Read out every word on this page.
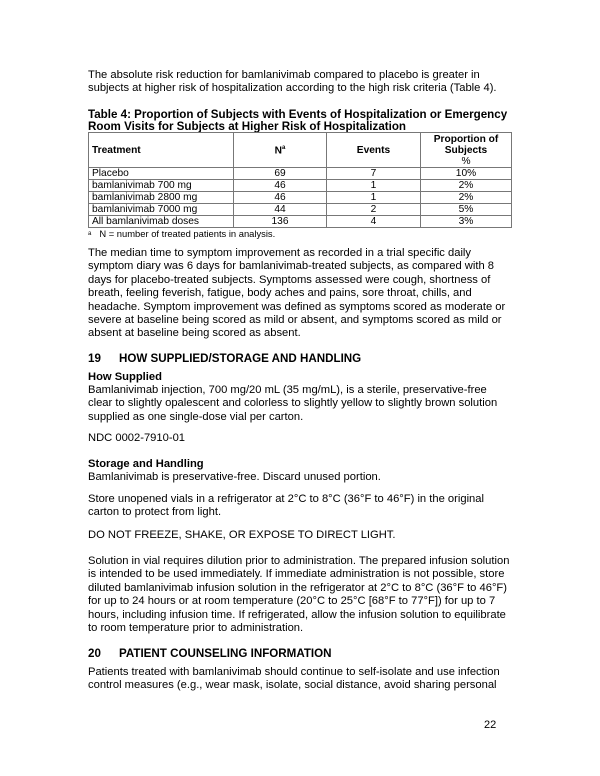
The absolute risk reduction for bamlanivimab compared to placebo is greater in subjects at higher risk of hospitalization according to the high risk criteria (Table 4).

Table 4: Proportion of Subjects with Events of Hospitalization or Emergency
Room Visits for Subjects at Higher Risk of Hospitalization
Treatment	$N^a$	Events	Proportion of
Subjects
%

Placebo	69	7	10%
bamlanivimab 700 mg	46	1	2%
bamlanivimab 2800 mg	46	1	2%
bamlanivimab 7000 mg	44	2	5%
All bamlanivimab doses	136	4	3%
$^a$ N = number of treated patients in analysis.

The median time to symptom improvement as recorded in a trial specific daily symptom diary was 6 days for bamlanivimab-treated subjects, as compared with 8 days for placebo-treated subjects. Symptoms assessed were cough, shortness of breath, feeling feverish, fatigue, body aches and pains, sore throat, chills, and headache. Symptom improvement was defined as symptoms scored as moderate or severe at baseline being scored as mild or absent, and symptoms scored as mild or absent at baseline being scored as absent.

19 HOW SUPPLIED/STORAGE AND HANDLING

How Supplied

Bamlanivimab injection, 700 mg/20 mL (35 mg/mL), is a sterile, preservative-free clear to slightly opalescent and colorless to slightly yellow to slightly brown solution supplied as one single-dose vial per carton.

NDC 0002-7910-01

Storage and Handling

Bamlanivimab is preservative-free. Discard unused portion.

Store unopened vials in a refrigerator at 2°C to 8°C (36°F to 46°F) in the original carton to protect from light.

DO NOT FREEZE, SHAKE, OR EXPOSE TO DIRECT LIGHT.

Solution in vial requires dilution prior to administration. The prepared infusion solution is intended to be used immediately. If immediate administration is not possible, store diluted bamlanivimab infusion solution in the refrigerator at 2°C to 8°C (36°F to 46°F) for up to 24 hours or at room temperature (20°C to 25°C [68°F to 77°F]) for up to 7 hours, including infusion time. If refrigerated, allow the infusion solution to equilibrate to room temperature prior to administration.

20 PATIENT COUNSELING INFORMATION

Patients treated with bamlanivimab should continue to self-isolate and use infection control measures (e.g., wear mask, isolate, social distance, avoid sharing personal

22
